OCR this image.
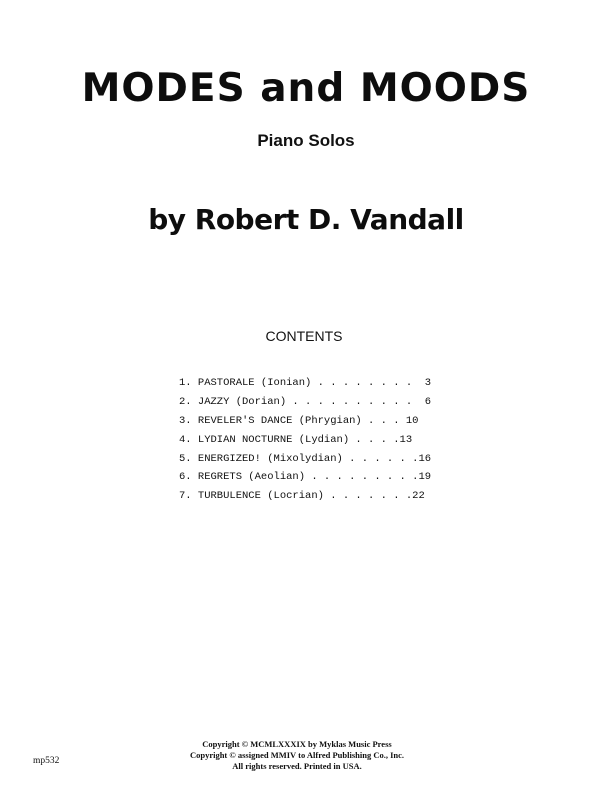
MODES and MOODS
Piano Solos
by Robert D. Vandall
CONTENTS
1. PASTORALE (Ionian) . . . . . . . .  3
2. JAZZY (Dorian) . . . . . . . . . .  6
3. REVELER'S DANCE (Phrygian) . . . 10
4. LYDIAN NOCTURNE (Lydian) . . . .13
5. ENERGIZED! (Mixolydian) . . . . . .16
6. REGRETS (Aeolian) . . . . . . . . .19
7. TURBULENCE (Locrian) . . . . . . .22
Copyright © MCMLXXXIX by Myklas Music Press
Copyright © assigned MMIV to Alfred Publishing Co., Inc.
All rights reserved. Printed in USA.
mp532
